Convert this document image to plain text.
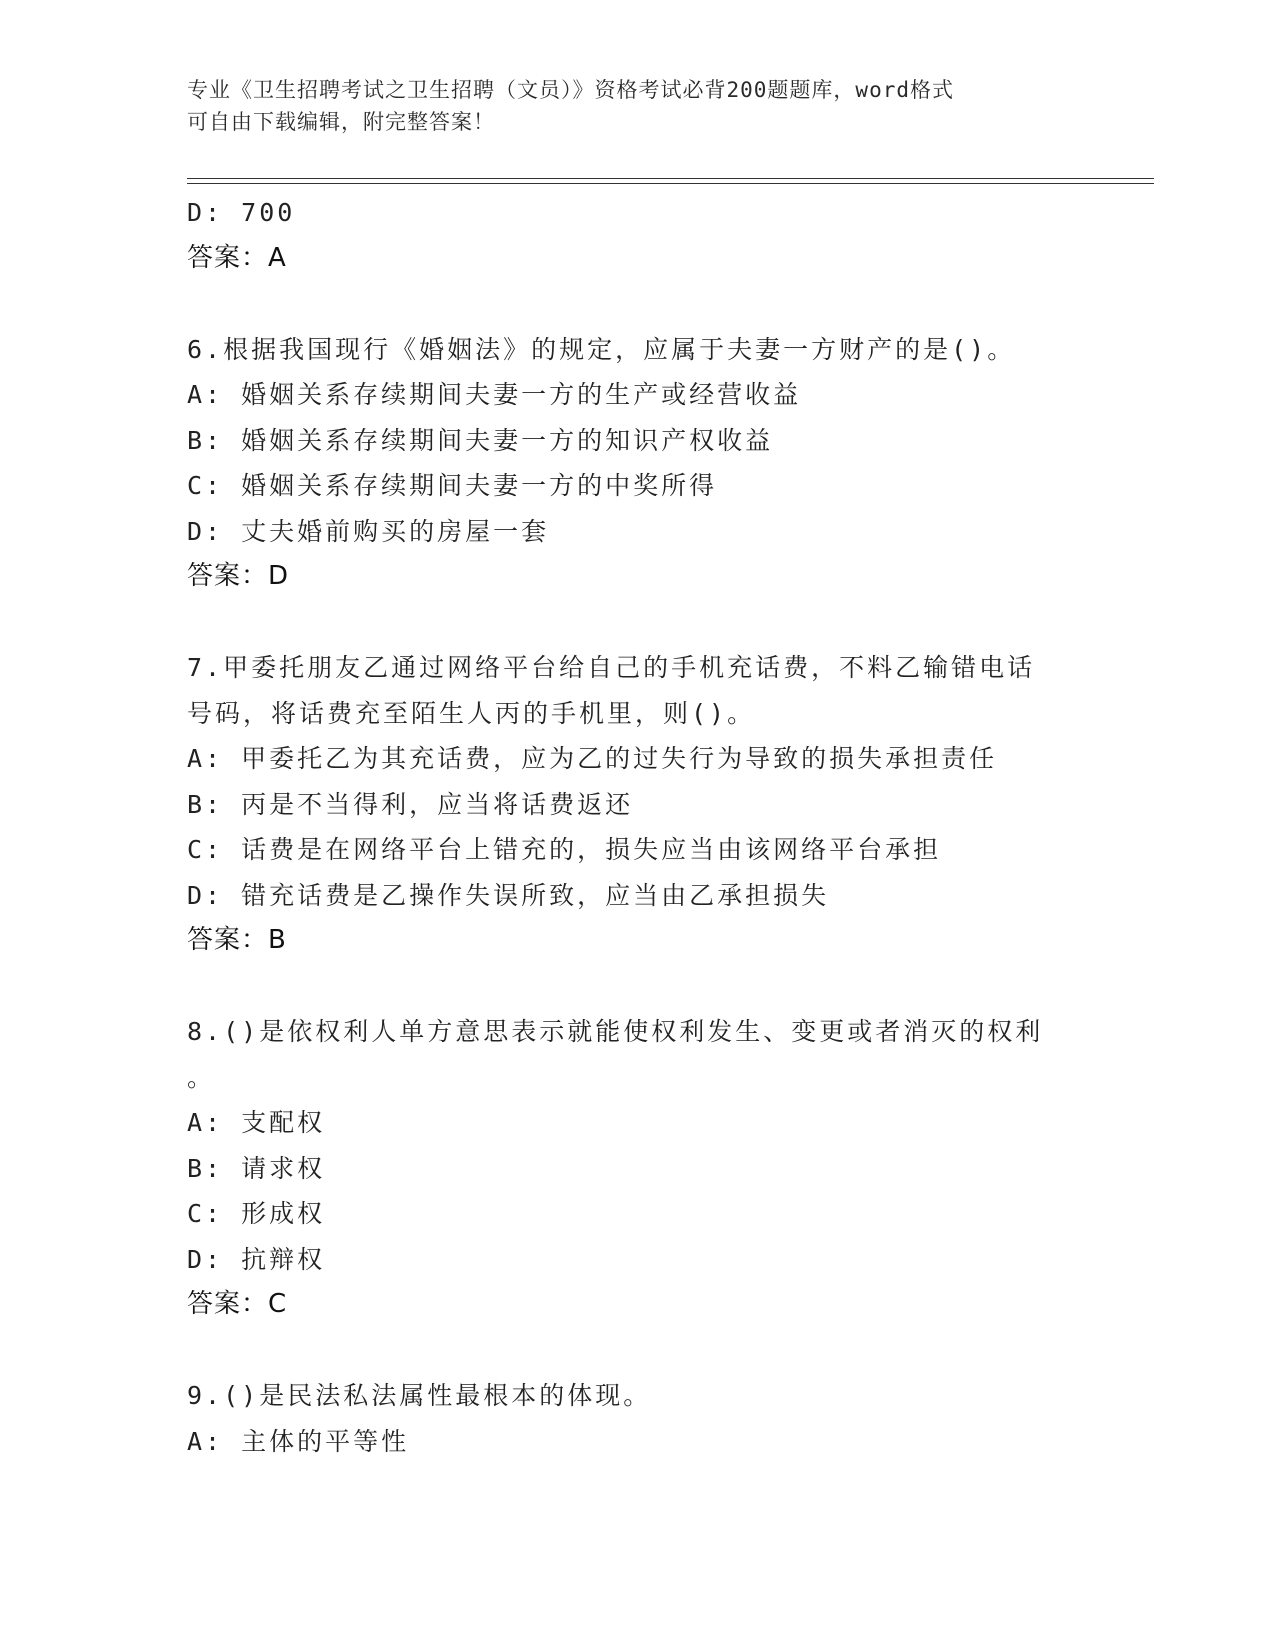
专业《卫生招聘考试之卫生招聘（文员）》资格考试必背200题题库，word格式
可自由下载编辑，附完整答案！
D: 700
答案：A
6.根据我国现行《婚姻法》的规定，应属于夫妻一方财产的是()。
A: 婚姻关系存续期间夫妻一方的生产或经营收益
B: 婚姻关系存续期间夫妻一方的知识产权收益
C: 婚姻关系存续期间夫妻一方的中奖所得
D: 丈夫婚前购买的房屋一套
答案：D
7.甲委托朋友乙通过网络平台给自己的手机充话费，不料乙输错电话
号码，将话费充至陌生人丙的手机里，则()。
A: 甲委托乙为其充话费，应为乙的过失行为导致的损失承担责任
B: 丙是不当得利，应当将话费返还
C: 话费是在网络平台上错充的，损失应当由该网络平台承担
D: 错充话费是乙操作失误所致，应当由乙承担损失
答案：B
8.()是依权利人单方意思表示就能使权利发生、变更或者消灭的权利
。
A: 支配权
B: 请求权
C: 形成权
D: 抗辩权
答案：C
9.()是民法私法属性最根本的体现。
A: 主体的平等性
